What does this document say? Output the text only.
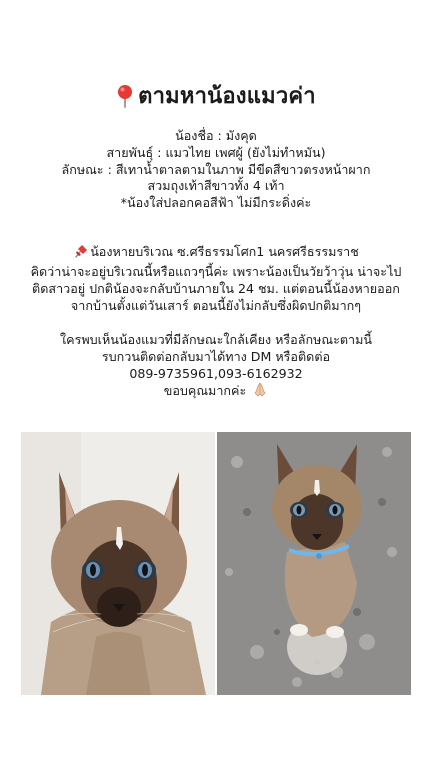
ตามหาน้องแมวค่า
น้องชื่อ : มังคุด
สายพันธุ์ : แมวไทย เพศผู้ (ยังไม่ทำหมัน)
ลักษณะ : สีเทาน้ำตาลตามในภาพ มีขีดสีขาวตรงหน้าผาก
สวมถุงเท้าสีขาวทั้ง 4 เท้า
*น้องใส่ปลอกคอสีฟ้า ไม่มีกระดิ่งค่ะ
น้องหายบริเวณ ซ.ศรีธรรมโศก1 นครศรีธรรมราช
คิดว่าน่าจะอยู่บริเวณนี้หรือแถวๆนี้ค่ะ เพราะน้องเป็นวัยว้าวุ่น น่าจะไป
ติดสาวอยู่ ปกติน้องจะกลับบ้านภายใน 24 ชม. แต่ตอนนี้น้องหายออก
จากบ้านตั้งแต่วันเสาร์ ตอนนี้ยังไม่กลับซึ่งผิดปกติมากๆ
ใครพบเห็นน้องแมวที่มีลักษณะใกล้เคียง หรือลักษณะตามนี้
รบกวนติดต่อกลับมาได้ทาง DM หรือติดต่อ
089-9735961,093-6162932
ขอบคุณมากค่ะ
